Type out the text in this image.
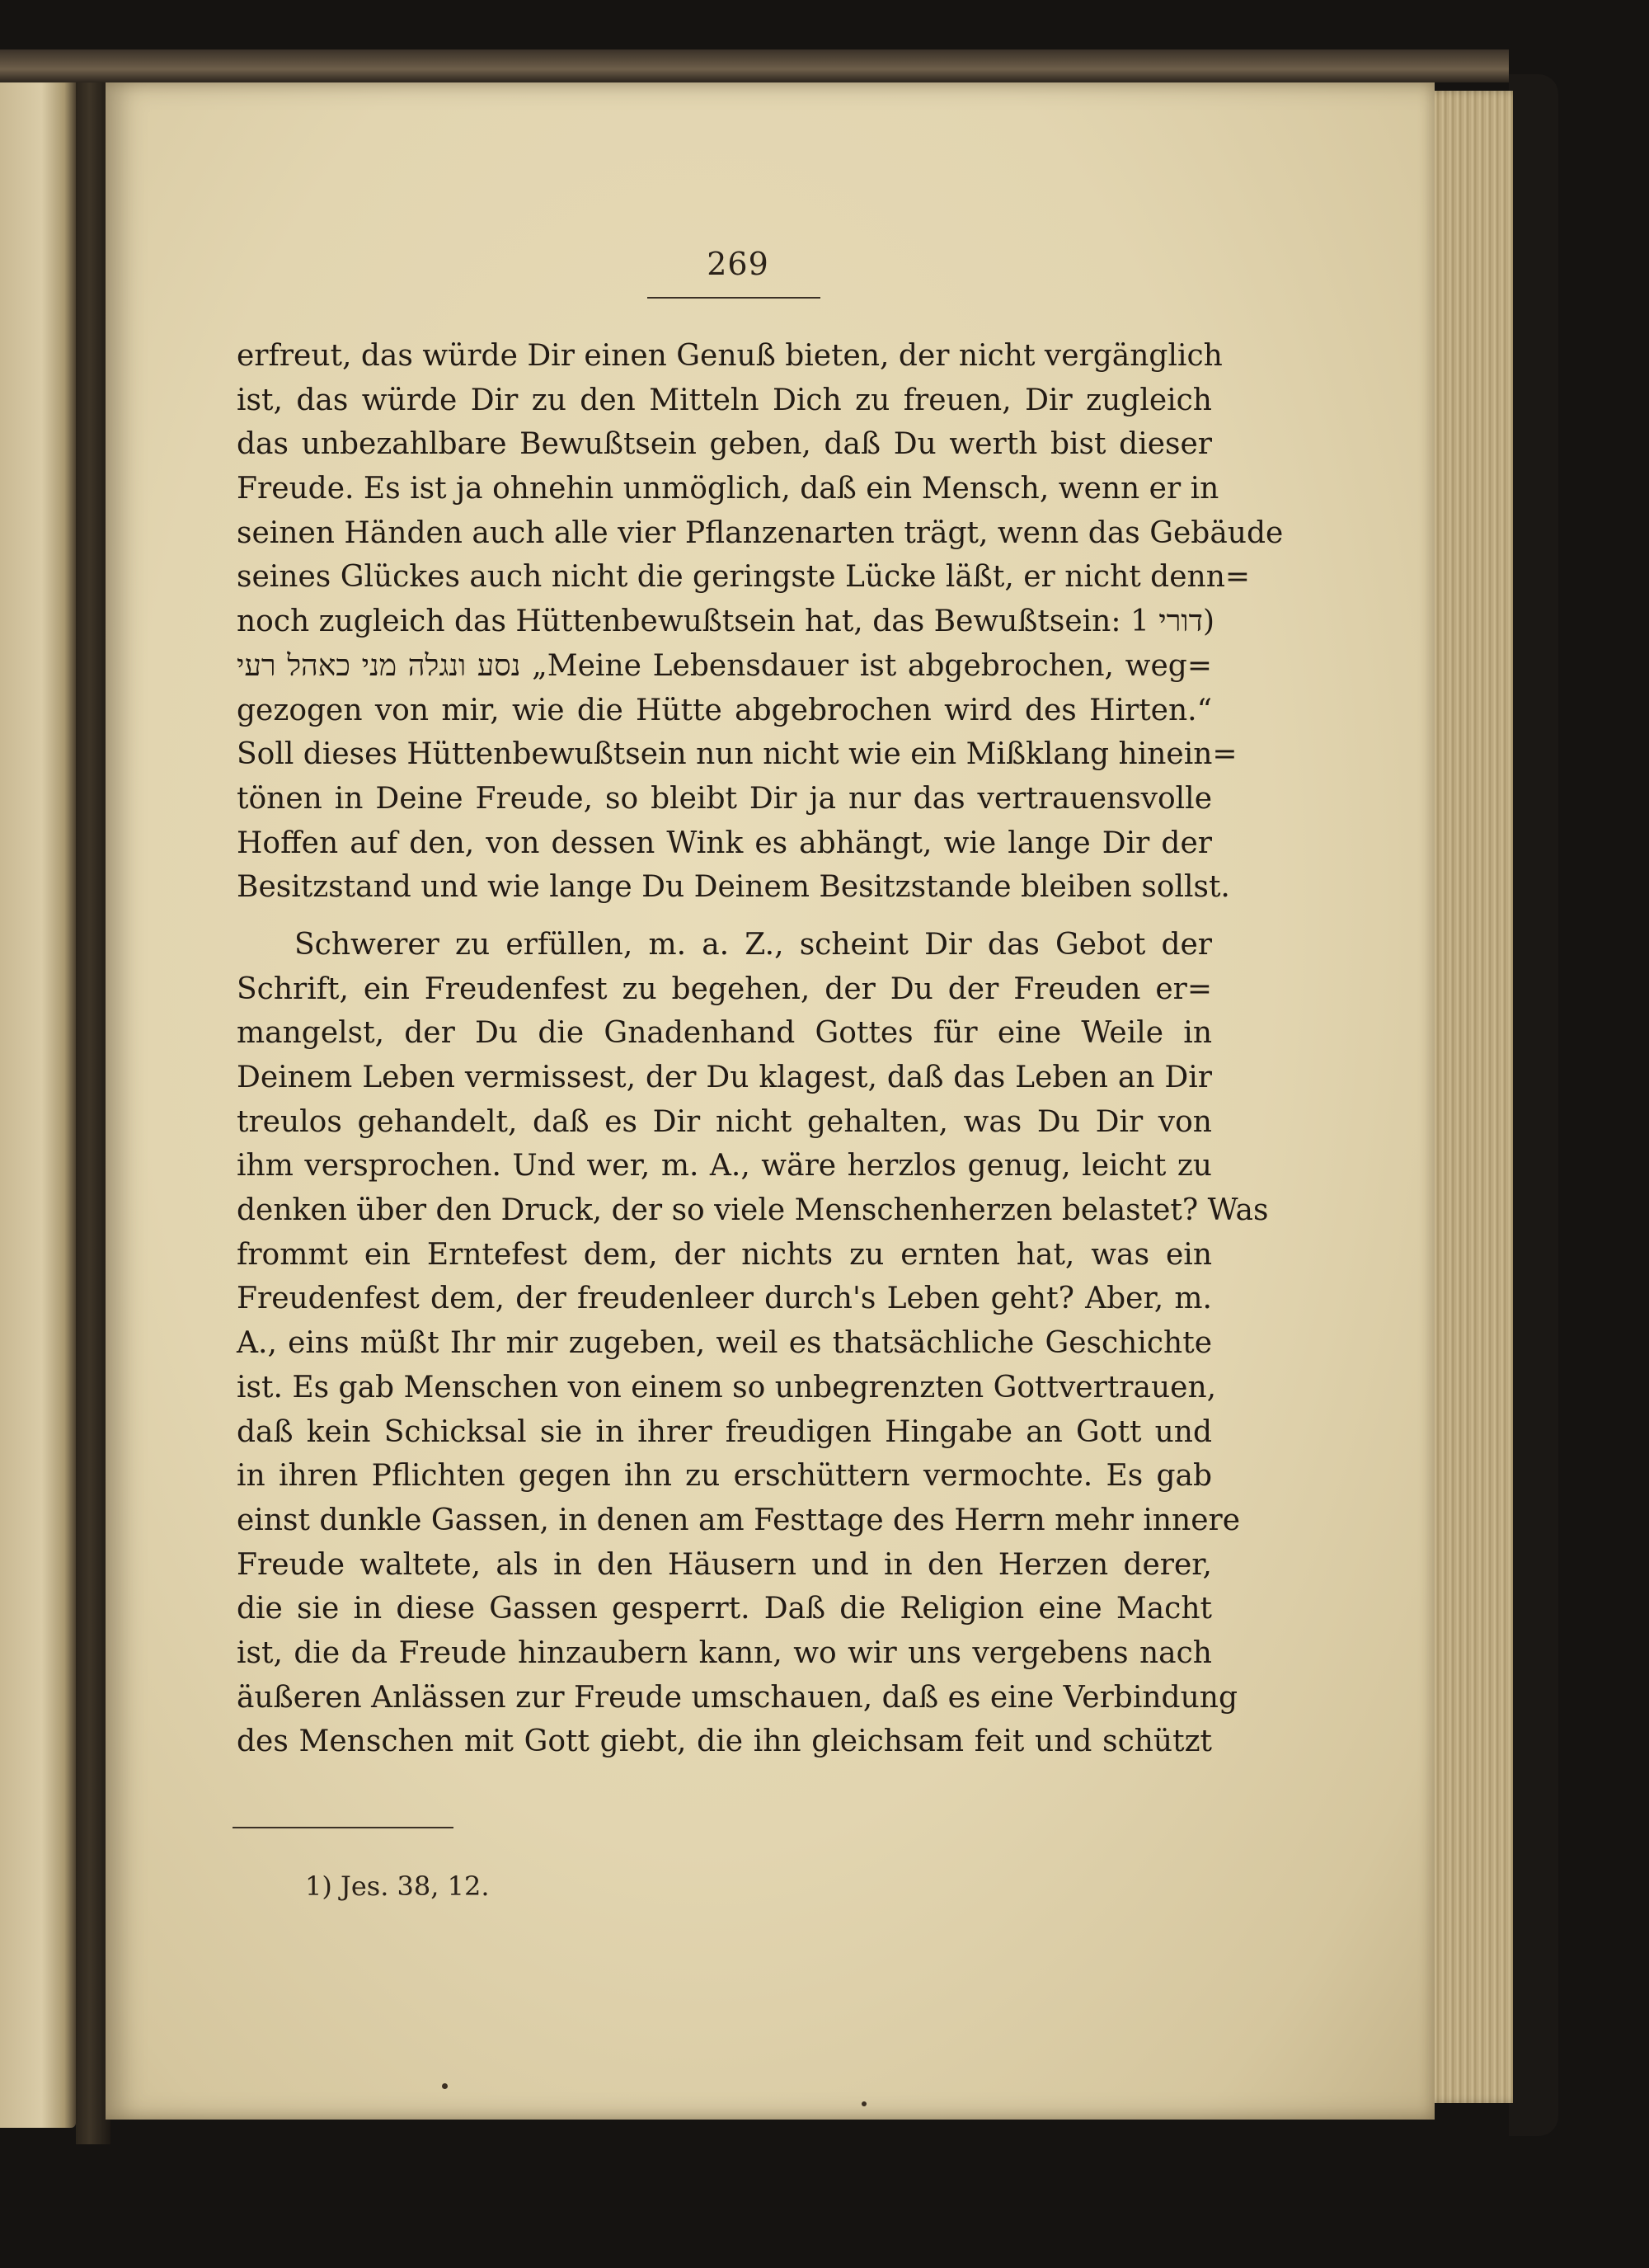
269
erfreut, das würde Dir einen Genuß bieten, der nicht vergänglich
ist, das würde Dir zu den Mitteln Dich zu freuen, Dir zugleich
das unbezahlbare Bewußtsein geben, daß Du werth bist dieser
Freude. Es ist ja ohnehin unmöglich, daß ein Mensch, wenn er in
seinen Händen auch alle vier Pflanzenarten trägt, wenn das Gebäude
seines Glückes auch nicht die geringste Lücke läßt, er nicht denn=
noch zugleich das Hüttenbewußtsein hat, das Bewußtsein: דורי 1)
נסע ונגלה מני כאהל רעי „Meine Lebensdauer ist abgebrochen, weg=
gezogen von mir, wie die Hütte abgebrochen wird des Hirten.“
Soll dieses Hüttenbewußtsein nun nicht wie ein Mißklang hinein=
tönen in Deine Freude, so bleibt Dir ja nur das vertrauensvolle
Hoffen auf den, von dessen Wink es abhängt, wie lange Dir der
Besitzstand und wie lange Du Deinem Besitzstande bleiben sollst.
Schwerer zu erfüllen, m. a. Z., scheint Dir das Gebot der
Schrift, ein Freudenfest zu begehen, der Du der Freuden er=
mangelst, der Du die Gnadenhand Gottes für eine Weile in
Deinem Leben vermissest, der Du klagest, daß das Leben an Dir
treulos gehandelt, daß es Dir nicht gehalten, was Du Dir von
ihm versprochen. Und wer, m. A., wäre herzlos genug, leicht zu
denken über den Druck, der so viele Menschenherzen belastet? Was
frommt ein Erntefest dem, der nichts zu ernten hat, was ein
Freudenfest dem, der freudenleer durch's Leben geht? Aber, m.
A., eins müßt Ihr mir zugeben, weil es thatsächliche Geschichte
ist. Es gab Menschen von einem so unbegrenzten Gottvertrauen,
daß kein Schicksal sie in ihrer freudigen Hingabe an Gott und
in ihren Pflichten gegen ihn zu erschüttern vermochte. Es gab
einst dunkle Gassen, in denen am Festtage des Herrn mehr innere
Freude waltete, als in den Häusern und in den Herzen derer,
die sie in diese Gassen gesperrt. Daß die Religion eine Macht
ist, die da Freude hinzaubern kann, wo wir uns vergebens nach
äußeren Anlässen zur Freude umschauen, daß es eine Verbindung
des Menschen mit Gott giebt, die ihn gleichsam feit und schützt
1) Jes. 38, 12.
